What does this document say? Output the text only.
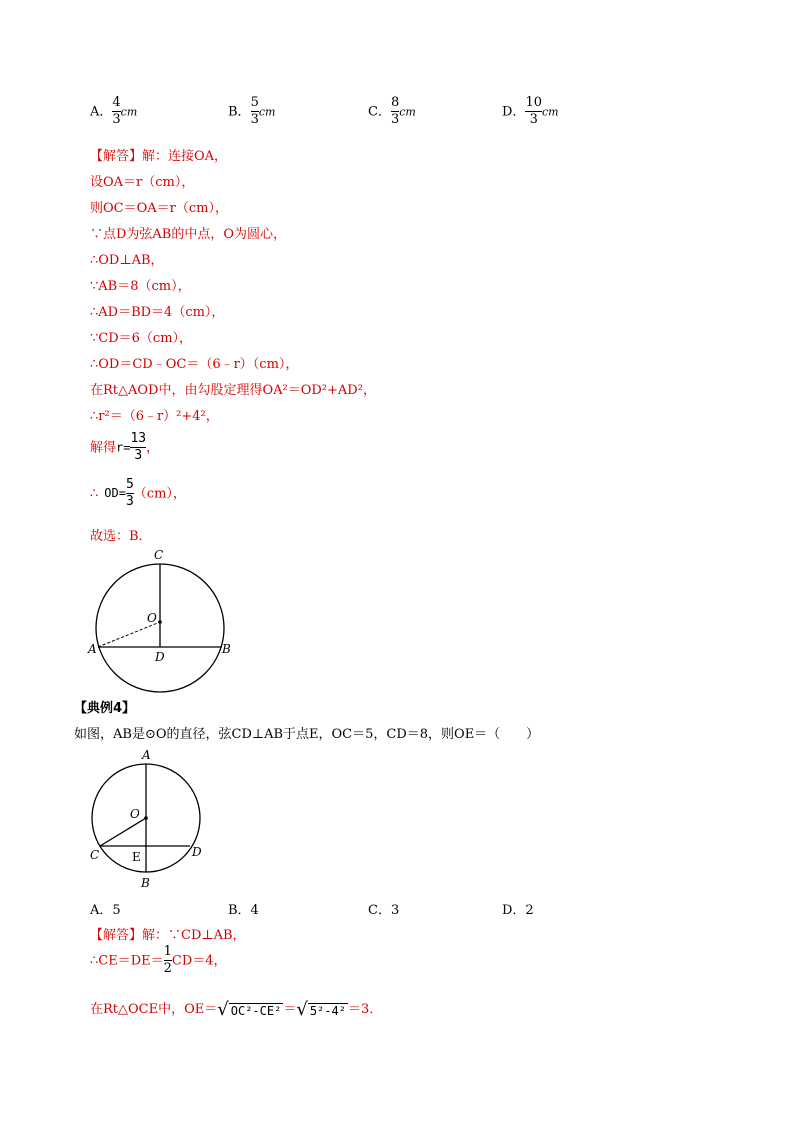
A． $\frac{4}{3}$ cm	B． $\frac{5}{3}$ cm	C． $\frac{8}{3}$ cm	D． $\frac{10}{3}$ cm
【解答】解：连接OA，
设OA＝r（cm），
则OC＝OA＝r（cm），
∵点D为弦AB的中点，O为圆心，
∴OD⊥AB，
∵AB＝8（cm），
∴AD＝BD＝4（cm），
∵CD＝6（cm），
∴OD＝CD﹣OC＝（6﹣r）（cm），
在Rt△AOD中，由勾股定理得OA²＝OD²+AD²，
∴r²＝（6﹣r）²+4²，
解得$r= \frac{13}{3}$ ，
∴ $OD= \frac{5}{3} (cm)$，
故选：B．
C
O
A
D
B
【典例4】
如图，AB是⊙O的直径，弦CD⊥AB于点E，OC＝5，CD＝8，则OE＝（　　）
A
O
C	E	D
B
A．5	B．4	C．3	D．2
【解答】解：∵CD⊥AB，
∴CE＝DE＝ $\frac{1}{2} CD=4$，
在Rt△OCE中，OE＝√ OC²-CE² ＝√ 5²-4² ＝3．
